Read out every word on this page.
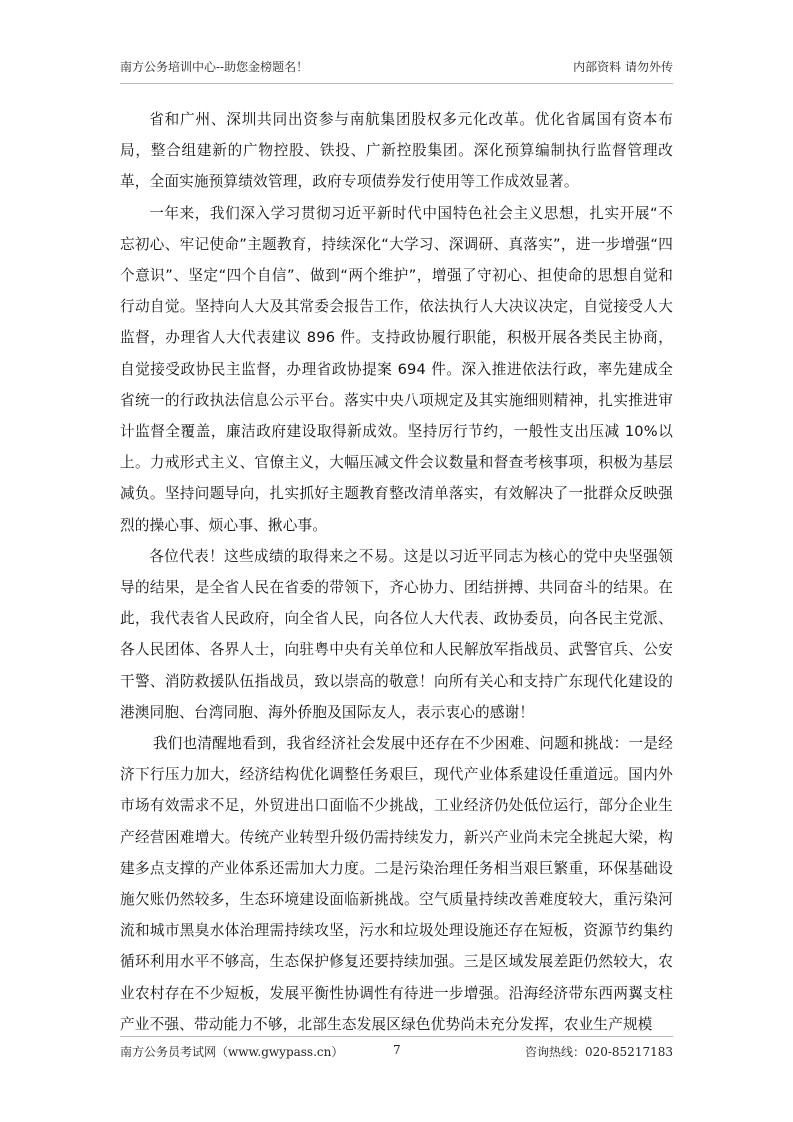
南方公务培训中心--助您金榜题名！	内部资料 请勿外传

省和广州、深圳共同出资参与南航集团股权多元化改革。优化省属国有资本布局，整合组建新的广物控股、铁投、广新控股集团。深化预算编制执行监督管理改革，全面实施预算绩效管理，政府专项债券发行使用等工作成效显著。

一年来，我们深入学习贯彻习近平新时代中国特色社会主义思想，扎实开展“不忘初心、牢记使命”主题教育，持续深化“大学习、深调研、真落实”，进一步增强“四个意识”、坚定“四个自信”、做到“两个维护”，增强了守初心、担使命的思想自觉和行动自觉。坚持向人大及其常委会报告工作，依法执行人大决议决定，自觉接受人大监督，办理省人大代表建议 896 件。支持政协履行职能，积极开展各类民主协商，自觉接受政协民主监督，办理省政协提案 694 件。深入推进依法行政，率先建成全省统一的行政执法信息公示平台。落实中央八项规定及其实施细则精神，扎实推进审计监督全覆盖，廉洁政府建设取得新成效。坚持厉行节约，一般性支出压减 10%以上。力戒形式主义、官僚主义，大幅压减文件会议数量和督查考核事项，积极为基层减负。坚持问题导向，扎实抓好主题教育整改清单落实，有效解决了一批群众反映强烈的操心事、烦心事、揪心事。

各位代表！这些成绩的取得来之不易。这是以习近平同志为核心的党中央坚强领导的结果，是全省人民在省委的带领下，齐心协力、团结拼搏、共同奋斗的结果。在此，我代表省人民政府，向全省人民，向各位人大代表、政协委员，向各民主党派、各人民团体、各界人士，向驻粤中央有关单位和人民解放军指战员、武警官兵、公安干警、消防救援队伍指战员，致以崇高的敬意！向所有关心和支持广东现代化建设的港澳同胞、台湾同胞、海外侨胞及国际友人，表示衷心的感谢！

我们也清醒地看到，我省经济社会发展中还存在不少困难、问题和挑战：一是经济下行压力加大，经济结构优化调整任务艰巨，现代产业体系建设任重道远。国内外市场有效需求不足，外贸进出口面临不少挑战，工业经济仍处低位运行，部分企业生产经营困难增大。传统产业转型升级仍需持续发力，新兴产业尚未完全挑起大梁，构建多点支撑的产业体系还需加大力度。二是污染治理任务相当艰巨繁重，环保基础设施欠账仍然较多，生态环境建设面临新挑战。空气质量持续改善难度较大，重污染河流和城市黑臭水体治理需持续攻坚，污水和垃圾处理设施还存在短板，资源节约集约循环利用水平不够高，生态保护修复还要持续加强。三是区域发展差距仍然较大，农业农村存在不少短板，发展平衡性协调性有待进一步增强。沿海经济带东西两翼支柱产业不强、带动能力不够，北部生态发展区绿色优势尚未充分发挥，农业生产规模

南方公务员考试网（www.gwypass.cn）	7	咨询热线：020-85217183
